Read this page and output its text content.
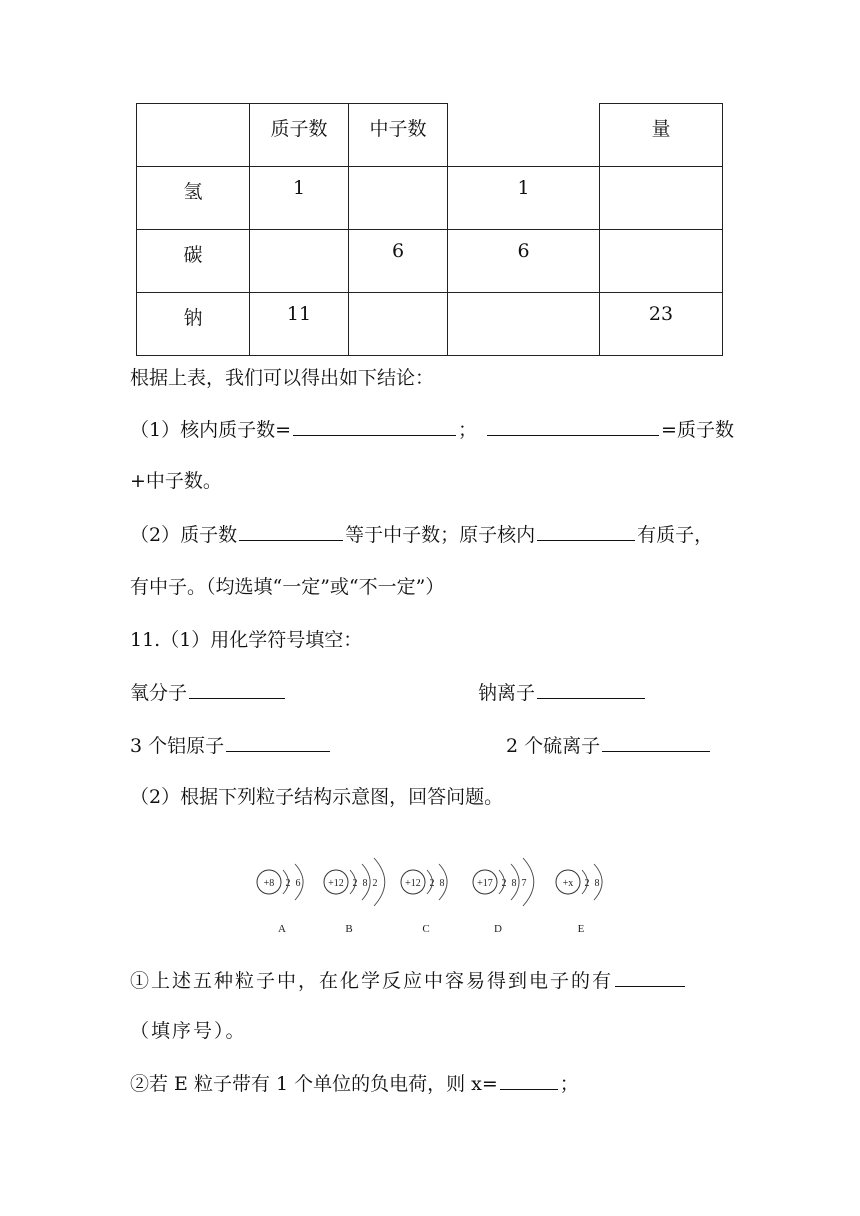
	质子数	中子数		量
氢	1		1	
碳		6	6	
钠	11			23
根据上表，我们可以得出如下结论：
（1）核内质子数=	；	=质子数
+中子数。
（2）质子数	等于中子数；原子核内	有质子，
有中子。（均选填“一定”或“不一定”）
11.（1）用化学符号填空：
氧分子	钠离子
3 个铝原子	2 个硫离子
（2）根据下列粒子结构示意图，回答问题。
+8 2 6
A
+12 2 8 2
B
+12 2 8
C
+17 2 8 7
D
+x 2 8
E
①上述五种粒子中，在化学反应中容易得到电子的有
（填序号）。
②若 E 粒子带有 1 个单位的负电荷，则 x=	；
